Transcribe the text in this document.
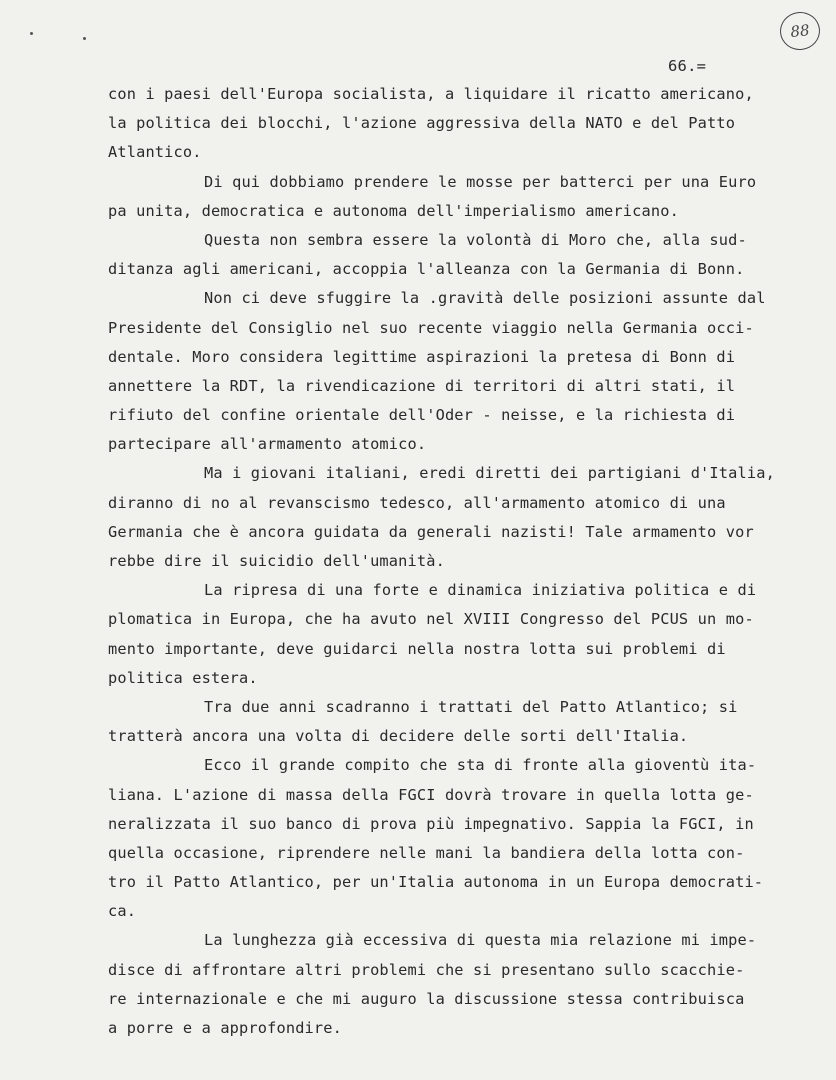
88
66.=
con i paesi dell'Europa socialista, a liquidare il ricatto americano,
la politica dei blocchi, l'azione aggressiva della NATO e del Patto
Atlantico.
Di qui dobbiamo prendere le mosse per batterci per una Euro
pa unita, democratica e autonoma dell'imperialismo americano.
Questa non sembra essere la volontà di Moro che, alla sud-
ditanza agli americani, accoppia l'alleanza con la Germania di Bonn.
Non ci deve sfuggire la .gravità delle posizioni assunte dal
Presidente del Consiglio nel suo recente viaggio nella Germania occi-
dentale. Moro considera legittime aspirazioni la pretesa di Bonn di
annettere la RDT, la rivendicazione di territori di altri stati, il
rifiuto del confine orientale dell'Oder - neisse, e la richiesta di
partecipare all'armamento atomico.
Ma i giovani italiani, eredi diretti dei partigiani d'Italia,
diranno di no al revanscismo tedesco, all'armamento atomico di una
Germania che è ancora guidata da generali nazisti! Tale armamento vor
rebbe dire il suicidio dell'umanità.
La ripresa di una forte e dinamica iniziativa politica e di
plomatica in Europa, che ha avuto nel XVIII Congresso del PCUS un mo-
mento importante, deve guidarci nella nostra lotta sui problemi di
politica estera.
Tra due anni scadranno i trattati del Patto Atlantico; si
tratterà ancora una volta di decidere delle sorti dell'Italia.
Ecco il grande compito che sta di fronte alla gioventù ita-
liana. L'azione di massa della FGCI dovrà trovare in quella lotta ge-
neralizzata il suo banco di prova più impegnativo. Sappia la FGCI, in
quella occasione, riprendere nelle mani la bandiera della lotta con-
tro il Patto Atlantico, per un'Italia autonoma in un Europa democrati-
ca.
La lunghezza già eccessiva di questa mia relazione mi impe-
disce di affrontare altri problemi che si presentano sullo scacchie-
re internazionale e che mi auguro la discussione stessa contribuisca
a porre e a approfondire.
